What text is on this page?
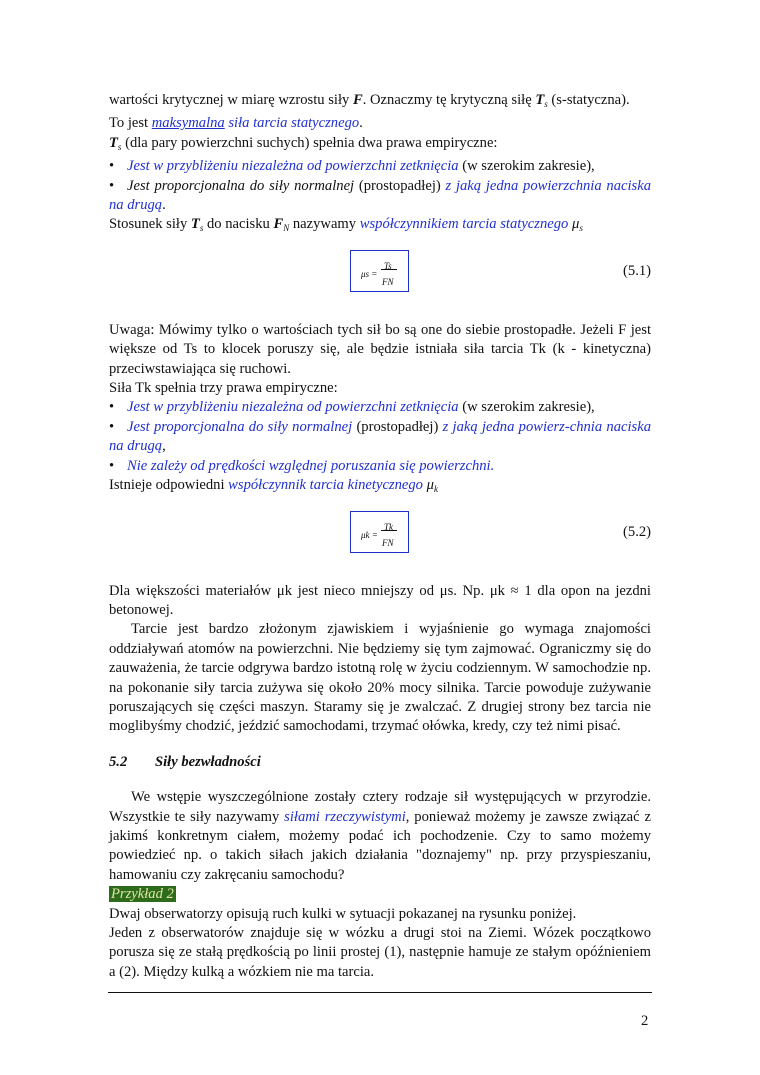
wartości krytycznej w miarę wzrostu siły F. Oznaczmy tę krytyczną siłę $T_s$ (s-statyczna).

To jest maksymalna siła tarcia statycznego.

$T_s$ (dla pary powierzchni suchych) spełnia dwa prawa empiryczne:

• Jest w przybliżeniu niezależna od powierzchni zetknięcia (w szerokim zakresie),

• Jest proporcjonalna do siły normalnej (prostopadłej) z jaką jedna powierzchnia naciska na drugą.

Stosunek siły $T_s$ do nacisku $F_N$ nazywamy współczynnikiem tarcia statycznego $\mu_s$

μs =
Ts
FN
(5.1)

Uwaga: Mówimy tylko o wartościach tych sił bo są one do siebie prostopadłe. Jeżeli F jest większe od Ts to klocek poruszy się, ale będzie istniała siła tarcia Tk (k - kinetyczna) przeciwstawiająca się ruchowi.

Siła Tk spełnia trzy prawa empiryczne:

• Jest w przybliżeniu niezależna od powierzchni zetknięcia (w szerokim zakresie),

• Jest proporcjonalna do siły normalnej (prostopadłej) z jaką jedna powierz-chnia naciska na drugą,

• Nie zależy od prędkości względnej poruszania się powierzchni.

Istnieje odpowiedni współczynnik tarcia kinetycznego $\mu_k$

μk =
Tk
FN
(5.2)

Dla większości materiałów μk jest nieco mniejszy od μs. Np. μk ≈ 1 dla opon na jezdni betonowej.

Tarcie jest bardzo złożonym zjawiskiem i wyjaśnienie go wymaga znajomości oddziaływań atomów na powierzchni. Nie będziemy się tym zajmować. Ograniczmy się do zauważenia, że tarcie odgrywa bardzo istotną rolę w życiu codziennym. W samochodzie np. na pokonanie siły tarcia zużywa się około 20% mocy silnika. Tarcie powoduje zużywanie poruszających się części maszyn. Staramy się je zwalczać. Z drugiej strony bez tarcia nie moglibyśmy chodzić, jeździć samochodami, trzymać ołówka, kredy, czy też nimi pisać.

5.2 Siły bezwładności

We wstępie wyszczególnione zostały cztery rodzaje sił występujących w przyrodzie. Wszystkie te siły nazywamy siłami rzeczywistymi, ponieważ możemy je zawsze związać z jakimś konkretnym ciałem, możemy podać ich pochodzenie. Czy to samo możemy powiedzieć np. o takich siłach jakich działania "doznajemy" np. przy przyspieszaniu, hamowaniu czy zakręcaniu samochodu?

Przykład 2

Dwaj obserwatorzy opisują ruch kulki w sytuacji pokazanej na rysunku poniżej.

Jeden z obserwatorów znajduje się w wózku a drugi stoi na Ziemi. Wózek początkowo porusza się ze stałą prędkością po linii prostej (1), następnie hamuje ze stałym opóźnieniem a (2). Między kulką a wózkiem nie ma tarcia.

2
